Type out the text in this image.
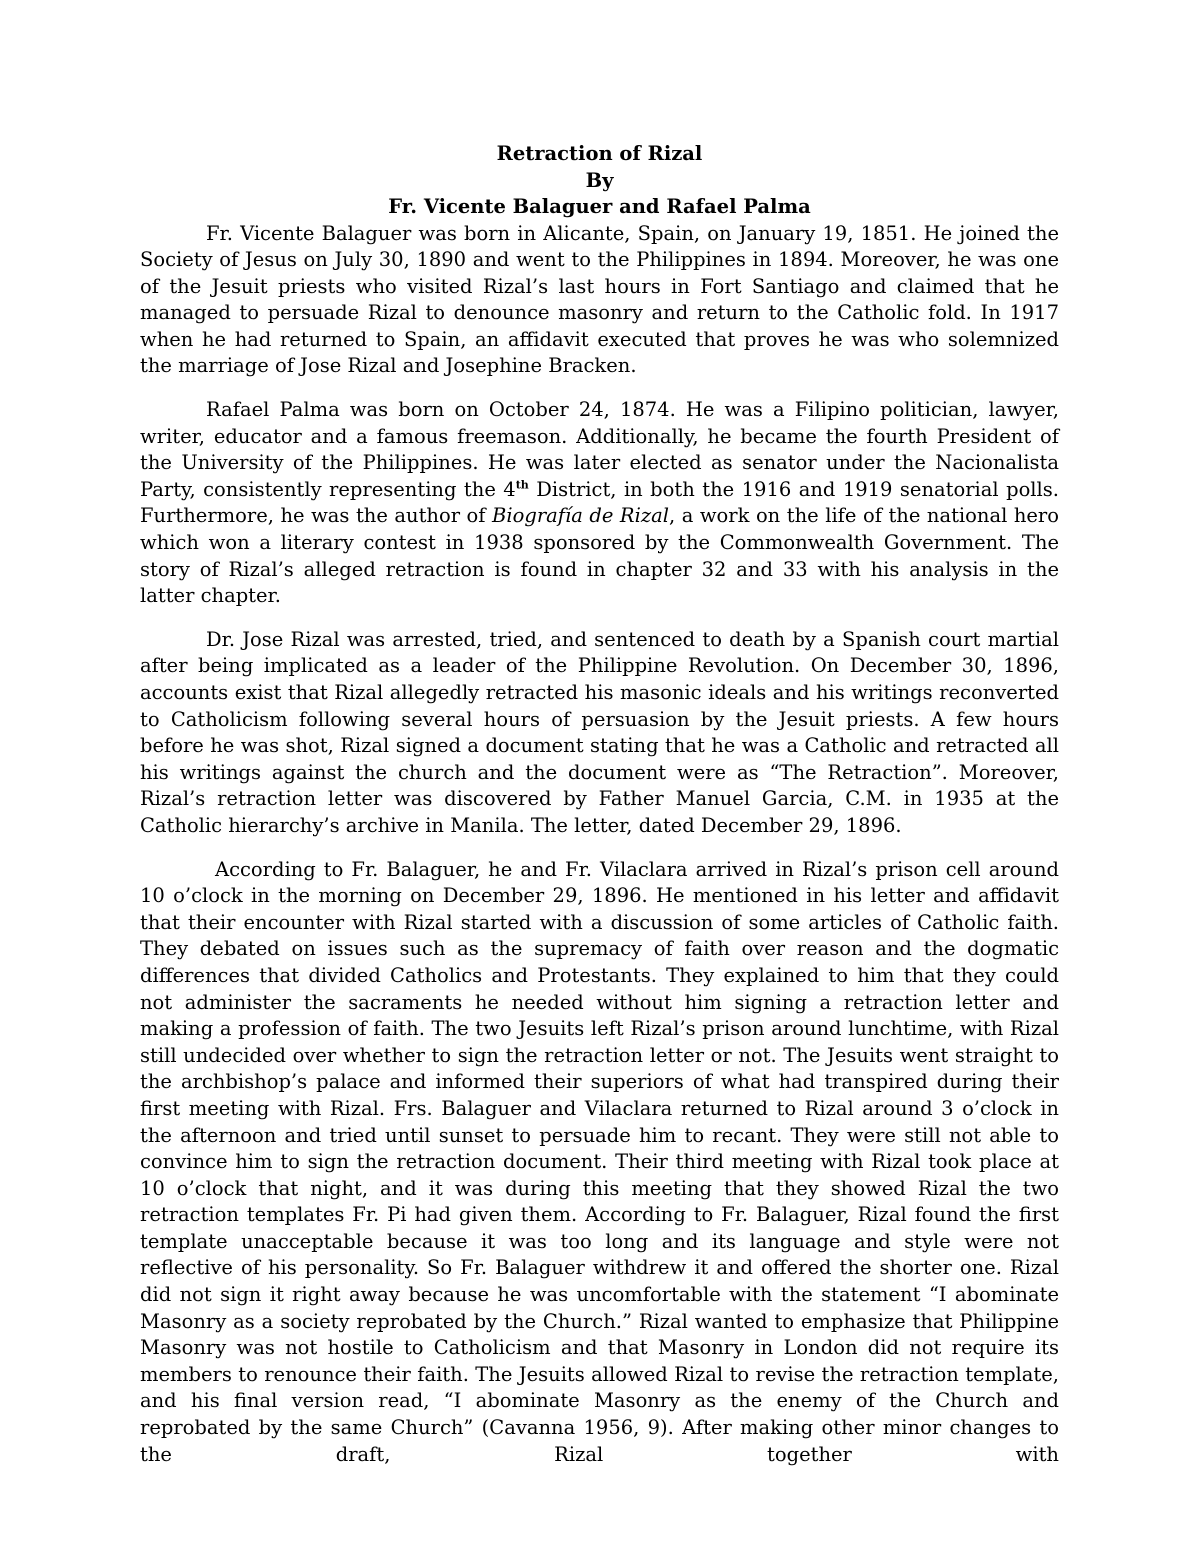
Retraction of Rizal
By
Fr. Vicente Balaguer and Rafael Palma

Fr. Vicente Balaguer was born in Alicante, Spain, on January 19, 1851. He joined the Society of Jesus on July 30, 1890 and went to the Philippines in 1894. Moreover, he was one of the Jesuit priests who visited Rizal’s last hours in Fort Santiago and claimed that he managed to persuade Rizal to denounce masonry and return to the Catholic fold. In 1917 when he had returned to Spain, an affidavit executed that proves he was who solemnized the marriage of Jose Rizal and Josephine Bracken.

Rafael Palma was born on October 24, 1874. He was a Filipino politician, lawyer, writer, educator and a famous freemason. Additionally, he became the fourth President of the University of the Philippines. He was later elected as senator under the Nacionalista Party, consistently representing the 4th District, in both the 1916 and 1919 senatorial polls. Furthermore, he was the author of Biografía de Rizal, a work on the life of the national hero which won a literary contest in 1938 sponsored by the Commonwealth Government. The story of Rizal’s alleged retraction is found in chapter 32 and 33 with his analysis in the latter chapter.

Dr. Jose Rizal was arrested, tried, and sentenced to death by a Spanish court martial after being implicated as a leader of the Philippine Revolution. On December 30, 1896, accounts exist that Rizal allegedly retracted his masonic ideals and his writings reconverted to Catholicism following several hours of persuasion by the Jesuit priests. A few hours before he was shot, Rizal signed a document stating that he was a Catholic and retracted all his writings against the church and the document were as “The Retraction”. Moreover, Rizal’s retraction letter was discovered by Father Manuel Garcia, C.M. in 1935 at the Catholic hierarchy’s archive in Manila. The letter, dated December 29, 1896.

According to Fr. Balaguer, he and Fr. Vilaclara arrived in Rizal’s prison cell around 10 o’clock in the morning on December 29, 1896. He mentioned in his letter and affidavit that their encounter with Rizal started with a discussion of some articles of Catholic faith. They debated on issues such as the supremacy of faith over reason and the dogmatic differences that divided Catholics and Protestants. They explained to him that they could not administer the sacraments he needed without him signing a retraction letter and making a profession of faith. The two Jesuits left Rizal’s prison around lunchtime, with Rizal still undecided over whether to sign the retraction letter or not. The Jesuits went straight to the archbishop’s palace and informed their superiors of what had transpired during their first meeting with Rizal. Frs. Balaguer and Vilaclara returned to Rizal around 3 o’clock in the afternoon and tried until sunset to persuade him to recant. They were still not able to convince him to sign the retraction document. Their third meeting with Rizal took place at 10 o’clock that night, and it was during this meeting that they showed Rizal the two retraction templates Fr. Pi had given them. According to Fr. Balaguer, Rizal found the first template unacceptable because it was too long and its language and style were not reflective of his personality. So Fr. Balaguer withdrew it and offered the shorter one. Rizal did not sign it right away because he was uncomfortable with the statement “I abominate Masonry as a society reprobated by the Church.” Rizal wanted to emphasize that Philippine Masonry was not hostile to Catholicism and that Masonry in London did not require its members to renounce their faith. The Jesuits allowed Rizal to revise the retraction template, and his final version read, “I abominate Masonry as the enemy of the Church and reprobated by the same Church” (Cavanna 1956, 9). After making other minor changes to the draft, Rizal together with
